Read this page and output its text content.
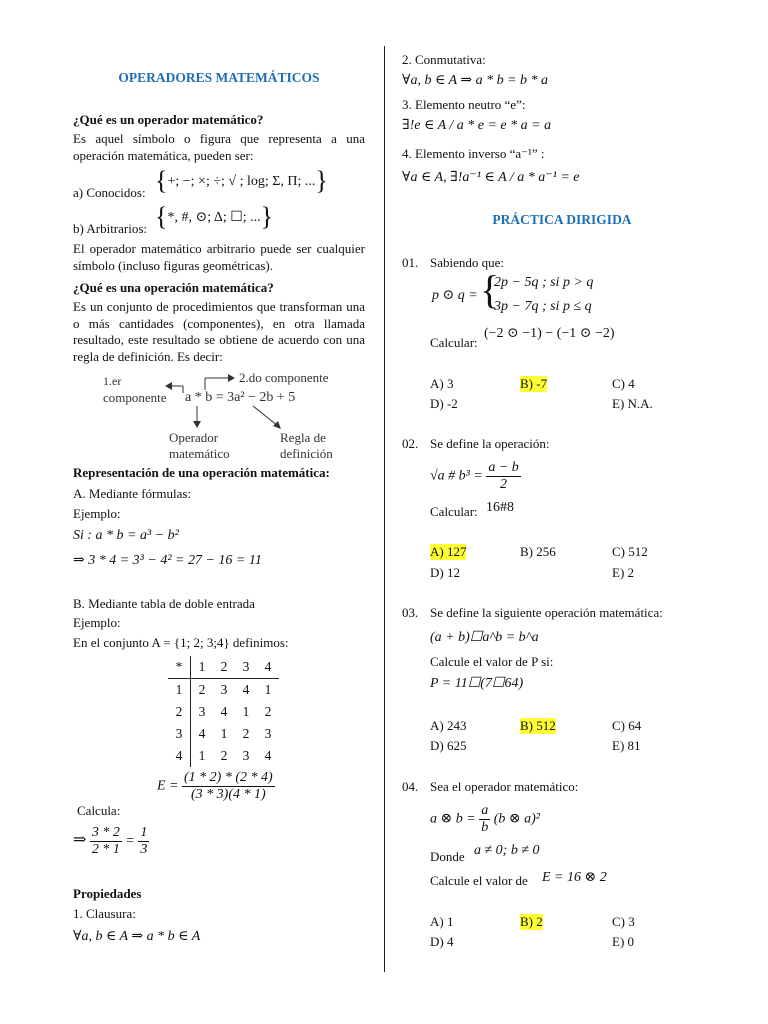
OPERADORES MATEMÁTICOS
¿Qué es un operador matemático?
Es aquel símbolo o figura que representa a una operación matemática, pueden ser:
a) Conocidos: {+; −; ×; ÷; √ ; log; Σ, Π; ...}
b) Arbitrarios: {*, #, ⊙; Δ; ☐; ...}
El operador matemático arbitrario puede ser cualquier símbolo (incluso figuras geométricas).
¿Qué es una operación matemática?
Es un conjunto de procedimientos que transforman una o más cantidades (componentes), en otra llamada resultado, este resultado se obtiene de acuerdo con una regla de definición. Es decir:
1.er
componente
2.do componente
a * b = 3a² − 2b + 5
Operador
matemático
Regla de
definición
Representación de una operación matemática:
A. Mediante fórmulas:
Ejemplo:
Si : a * b = a³ − b²
⇒ 3 * 4 = 3³ − 4² = 27 − 16 = 11
B. Mediante tabla de doble entrada
Ejemplo:
En el conjunto A = {1; 2; 3;4} definimos:
*	1	2	3	4
1	2	3	4	1
2	3	4	1	2
3	4	1	2	3
4	1	2	3	4
$E = \frac{(1 * 2) * (2 * 4)}{(3 * 3)(4 * 1)}$
Calcula:
⇒ $\frac{3 * 2}{2 * 1} = \frac{1}{3}$
Propiedades
1. Clausura:
∀a, b ∈ A ⇒ a * b ∈ A
2. Conmutativa:
∀a, b ∈ A ⇒ a * b = b * a
3. Elemento neutro “e”:
∃!e ∈ A / a * e = e * a = a
4. Elemento inverso “a⁻¹” :
∀a ∈ A, ∃!a⁻¹ ∈ A / a * a⁻¹ = e
PRÁCTICA DIRIGIDA
01. Sabiendo que:
p ⊙ q = {
2p − 5q ; si p > q
3p − 7q ; si p ≤ q
Calcular:
(−2 ⊙ −1) − (−1 ⊙ −2)
A) 3	B) -7	C) 4
D) -2	E) N.A.
02. Se define la operación:
√a # $b^3 = \frac{a - b}{2}$
Calcular: 16#8
A) 127	B) 256	C) 512
D) 12	E) 2
03. Se define la siguiente operación matemática:
(a + b)☐a^b = b^a
Calcule el valor de P si:
P = 11☐(7☐64)
A) 243	B) 512	C) 64
D) 625	E) 81
04. Sea el operador matemático:
a ⊗ $b = \frac{a}{b} (b$ ⊗ a)²
Donde a ≠ 0; b ≠ 0
Calcule el valor de E = 16 ⊗ 2
A) 1	B) 2	C) 3
D) 4	E) 0
